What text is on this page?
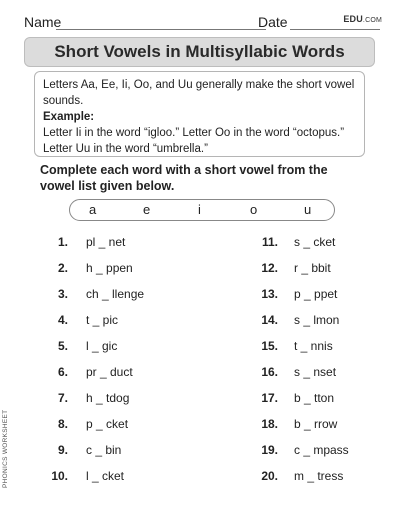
Name	Date	EDU.COM
Short Vowels in Multisyllabic Words
Letters Aa, Ee, Ii, Oo, and Uu generally make the short vowel
sounds.
Example:
Letter Ii in the word “igloo.” Letter Oo in the word “octopus.”
Letter Uu in the word “umbrella.”
Complete each word with a short vowel from the
vowel list given below.
a	e	i	o	u
1. pl _ net
2. h _ ppen
3. ch _ llenge
4. t _ pic
5. l _ gic
6. pr _ duct
7. h _ tdog
8. p _ cket
9. c _ bin
10. l _ cket
11. s _ cket
12. r _ bbit
13. p _ ppet
14. s _ lmon
15. t _ nnis
16. s _ nset
17. b _ tton
18. b _ rrow
19. c _ mpass
20. m _ tress
PHONICS WORKSHEET
